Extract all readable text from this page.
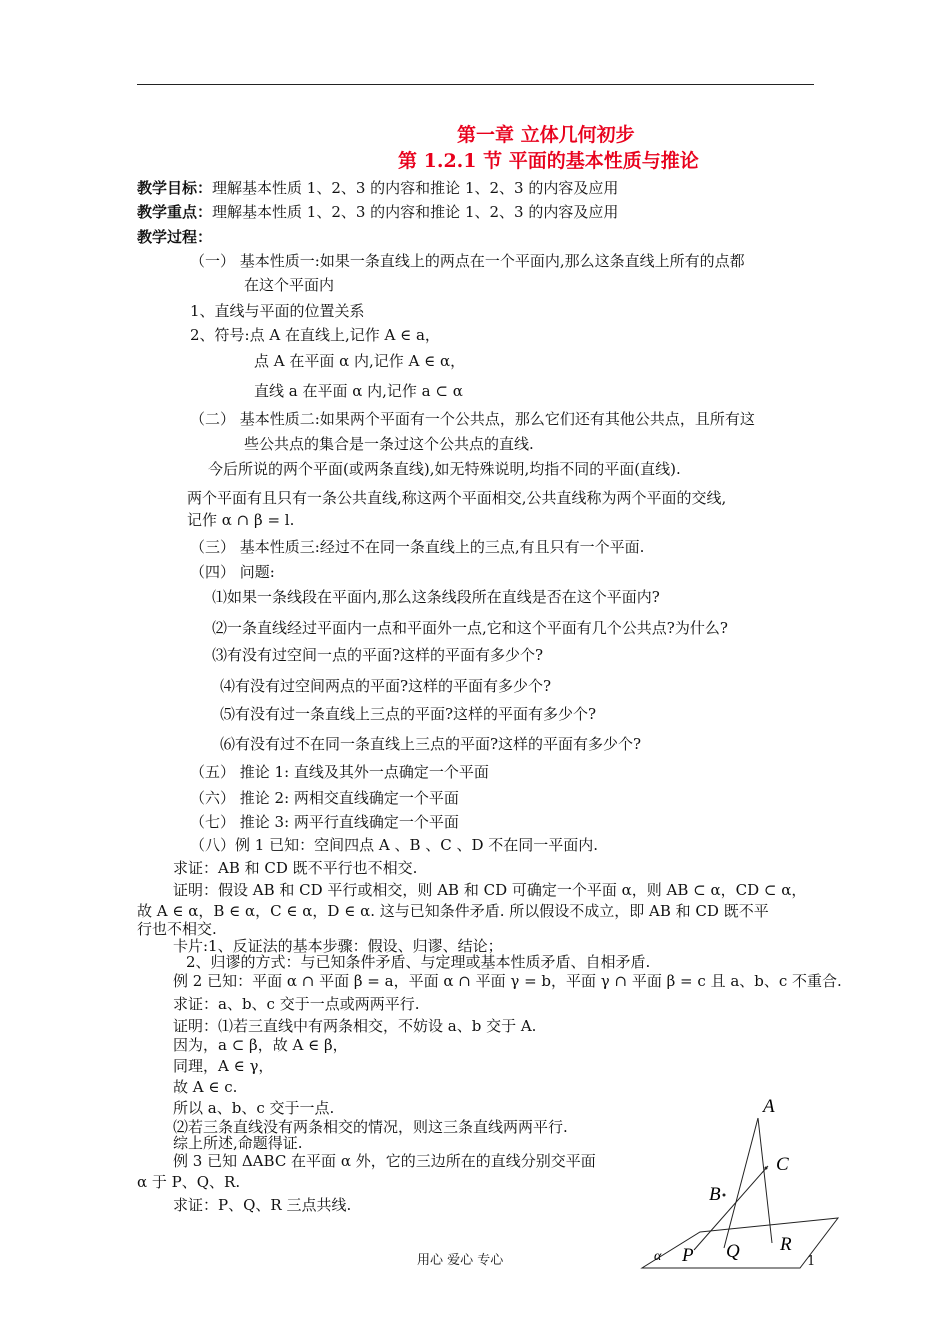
第一章 立体几何初步
第 1.2.1 节 平面的基本性质与推论
教学目标：理解基本性质 1、2、3 的内容和推论 1、2、3 的内容及应用
教学重点：理解基本性质 1、2、3 的内容和推论 1、2、3 的内容及应用
教学过程：
（一） 基本性质一:如果一条直线上的两点在一个平面内,那么这条直线上所有的点都
在这个平面内
1、直线与平面的位置关系
2、符号:点 A 在直线上,记作 A ∈ a，
点 A 在平面 α 内,记作 A ∈ α，
直线 a 在平面 α 内,记作 a ⊂ α
（二） 基本性质二:如果两个平面有一个公共点，那么它们还有其他公共点，且所有这
些公共点的集合是一条过这个公共点的直线.
今后所说的两个平面(或两条直线),如无特殊说明,均指不同的平面(直线).
两个平面有且只有一条公共直线,称这两个平面相交,公共直线称为两个平面的交线,
记作 α ∩ β = l.
（三） 基本性质三:经过不在同一条直线上的三点,有且只有一个平面.
（四） 问题:
⑴如果一条线段在平面内,那么这条线段所在直线是否在这个平面内?
⑵一条直线经过平面内一点和平面外一点,它和这个平面有几个公共点?为什么?
⑶有没有过空间一点的平面?这样的平面有多少个?
⑷有没有过空间两点的平面?这样的平面有多少个?
⑸有没有过一条直线上三点的平面?这样的平面有多少个?
⑹有没有过不在同一条直线上三点的平面?这样的平面有多少个?
（五） 推论 1: 直线及其外一点确定一个平面
（六） 推论 2: 两相交直线确定一个平面
（七） 推论 3: 两平行直线确定一个平面
（八）例 1 已知：空间四点 A 、B 、C 、D 不在同一平面内.
求证：AB 和 CD 既不平行也不相交.
证明：假设 AB 和 CD 平行或相交，则 AB 和 CD 可确定一个平面 α，则 AB ⊂ α，CD ⊂ α，
故 A ∈ α，B ∈ α，C ∈ α，D ∈ α. 这与已知条件矛盾. 所以假设不成立，即 AB 和 CD 既不平
行也不相交.
卡片:1、反证法的基本步骤：假设、归谬、结论；
2、归谬的方式：与已知条件矛盾、与定理或基本性质矛盾、自相矛盾.
例 2 已知：平面 α ∩ 平面 β = a，平面 α ∩ 平面 γ = b，平面 γ ∩ 平面 β = c 且 a、b、c 不重合.
求证：a、b、c 交于一点或两两平行.
证明：⑴若三直线中有两条相交，不妨设 a、b 交于 A.
因为，a ⊂ β，故 A ∈ β，
同理，A ∈ γ，
故 A ∈ c.
所以 a、b、c 交于一点.
⑵若三条直线没有两条相交的情况，则这三条直线两两平行.
综上所述,命题得证.
例 3 已知 ΔABC 在平面 α 外，它的三边所在的直线分别交平面
α 于 P、Q、R.
求证：P、Q、R 三点共线.
A
B
C
P Q R
α
用心 爱心 专心	1
